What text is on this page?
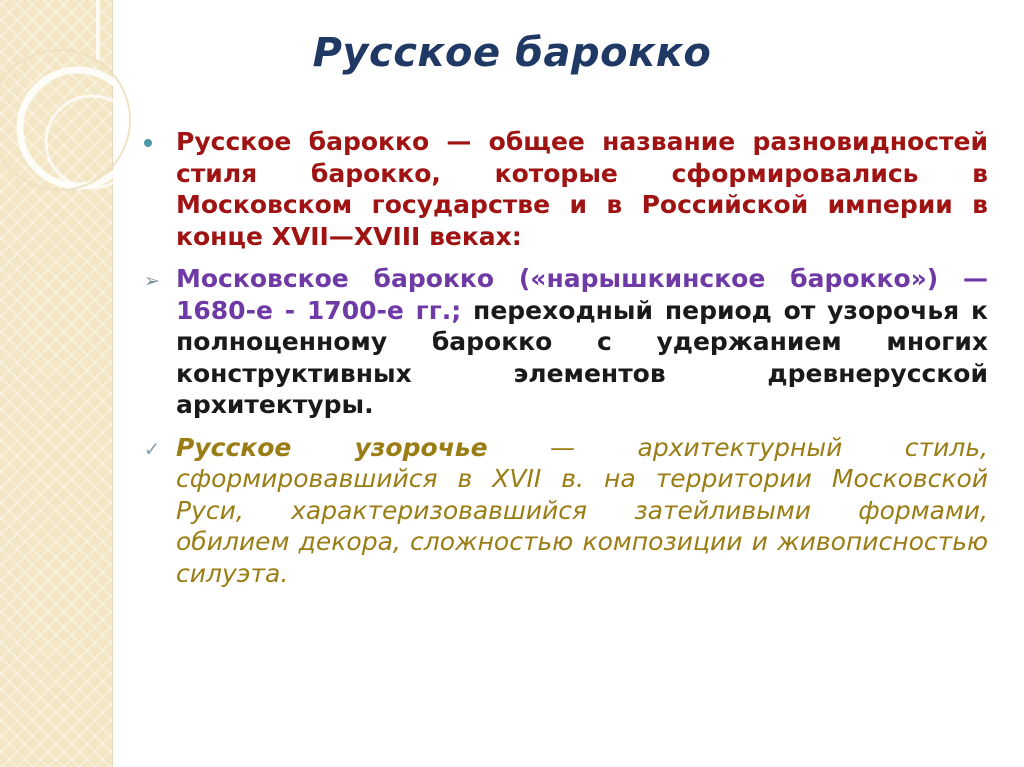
Русское барокко
Русское барокко — общее название разновидностей стиля барокко, которые сформировались в Московском государстве и в Российской империи в конце XVII—XVIII веках:
➢ Московское барокко («нарышкинское барокко») — 1680-е - 1700-е гг.; переходный период от узорочья к полноценному барокко с удержанием многих конструктивных элементов древнерусской архитектуры.
✓ Русское узорочье — архитектурный стиль, сформировавшийся в XVII в. на территории Московской Руси, характеризовавшийся затейливыми формами, обилием декора, сложностью композиции и живописностью силуэта.
